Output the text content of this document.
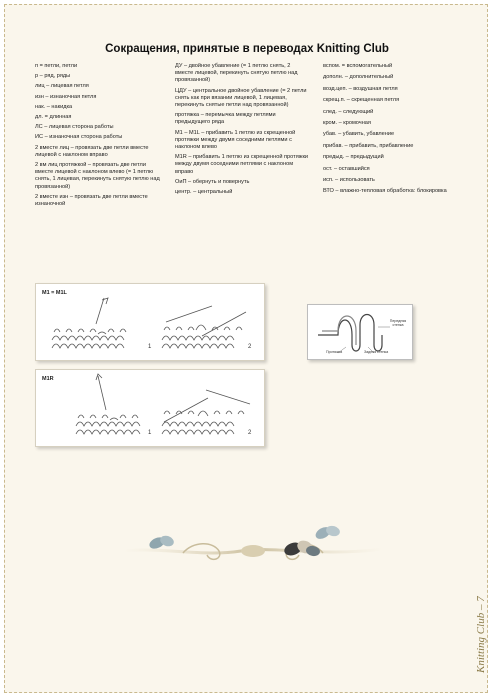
Сокращения, принятые в переводах Knitting Club

п = петли, петли

р – ряд, ряды

лиц – лицевая петля

изн – изнаночная петля

нак. – накидка

дл. = длинная

ЛС – лицевая сторона работы

ИС – изнаночная сторона работы

2 вместе лиц – провязать две петли вместе лицевой с наклоном вправо

2 вм лиц протяжкой – провязать две петли вместе лицевой с наклоном влево (= 1 петлю снять, 1 лицевая, перекинуть снятую петлю над провязанной)

2 вместе изн – провязать две петли вместе изнаночной

ДУ – двойное убавление (= 1 петлю снять, 2 вместе лицевой, перекинуть снятую петлю над провязанной)

ЦДУ – центральное двойное убавление (= 2 петли снять как при вязании лицевой, 1 лицевая, перекинуть снятые петли над провязанной)

протяжка – перемычка между петлями предыдущего ряда

М1 – М1L – прибавить 1 петлю из скрещенной протяжки между двумя соседними петлями с наклоном влево

М1R – прибавить 1 петлю из скрещенной протяжки между двумя соседними петлями с наклоном вправо

ОиП – обернуть и повернуть

центр. – центральный

вспом. = вспомогательный

дополн. – дополнительный

возд.цеп. – воздушная петля

скрещ.п. – скрещенная петля

след. – следующий

кром. – кромочная

убав. – убавить, убавление

прибав. – прибавить, прибавление

предыд. – предыдущий

ост. – оставшийся

исп. – использовать

ВТО – влажно-тепловая обработка: блокировка

M1 = M1L
1	2
M1R
1	2
Передняя стенка
Протяжка	Задняя стенка
Knitting Club – 7
